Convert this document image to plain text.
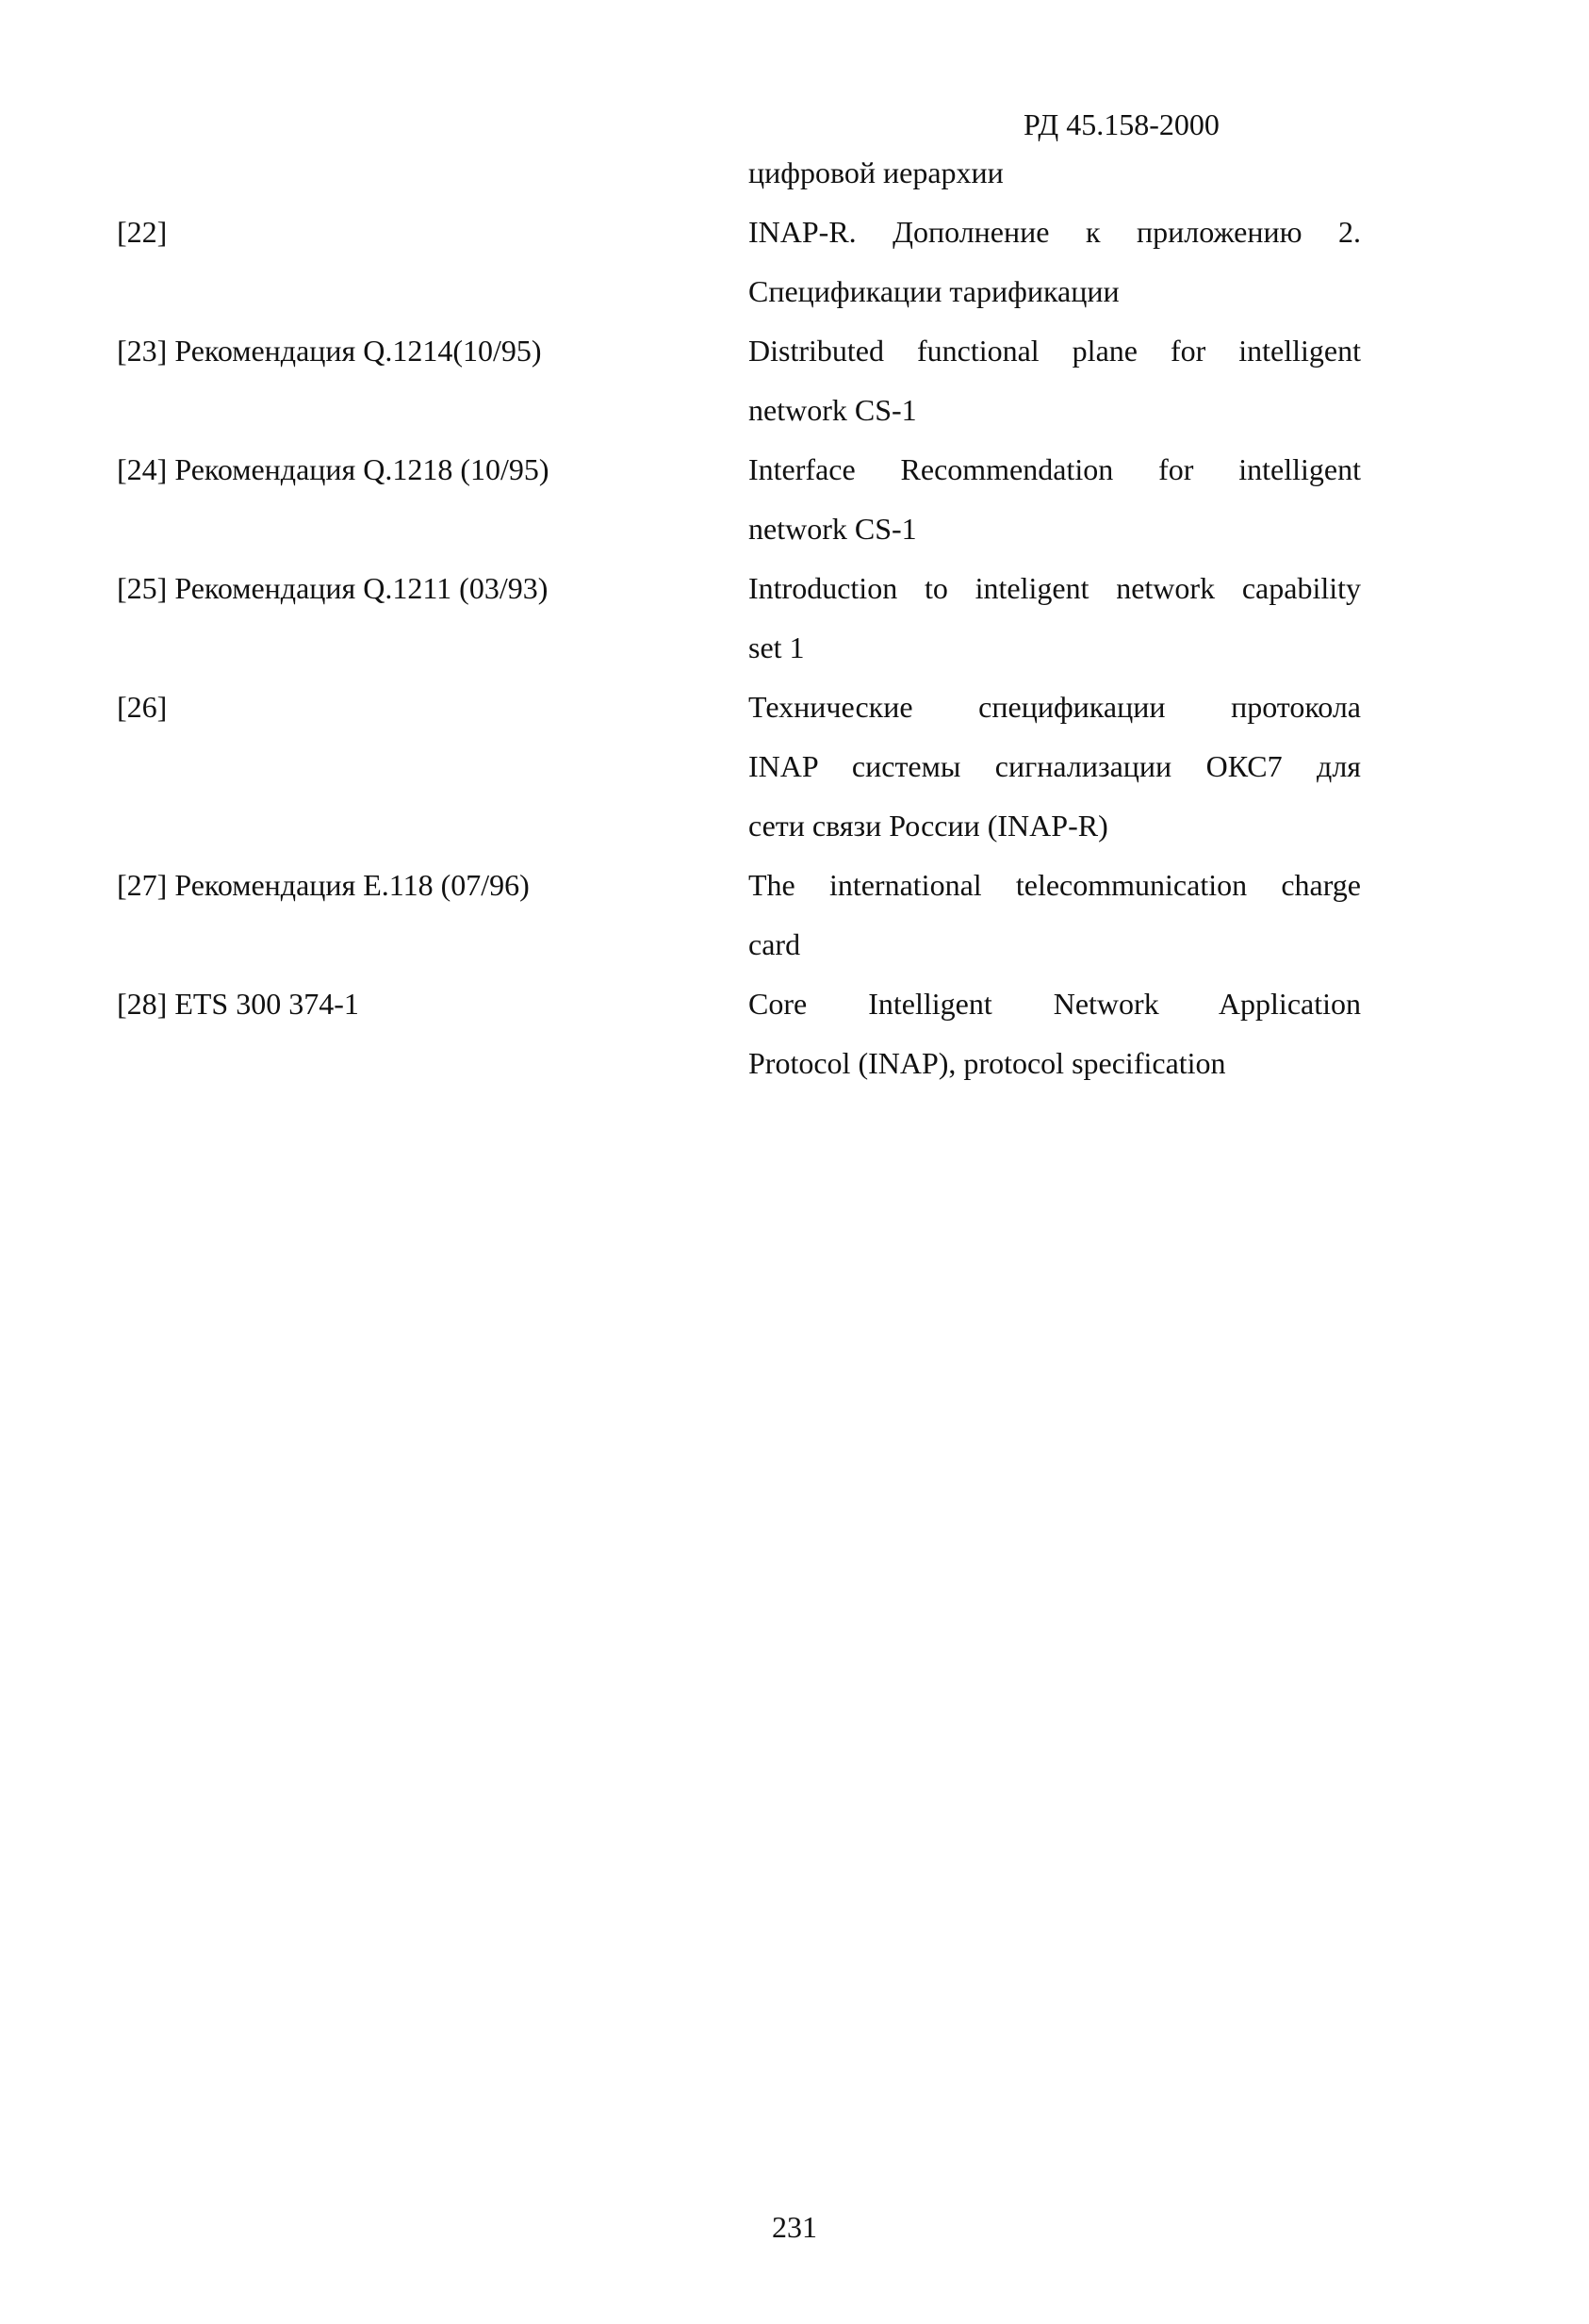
РД 45.158-2000
цифровой иерархии
[22]	INAP-R. Дополнение к приложению 2.
Спецификации тарификации
[23] Рекомендация Q.1214(10/95)	Distributed functional plane for intelligent
network CS-1
[24] Рекомендация Q.1218 (10/95)	Interface Recommendation for intelligent
network CS-1
[25] Рекомендация Q.1211 (03/93)	Introduction to inteligent network capability
set 1
[26]	Технические спецификации протокола
INAP системы сигнализации ОКС7 для
сети связи России (INAP-R)
[27] Рекомендация Е.118 (07/96)	The international telecommunication charge
card
[28] ETS 300 374-1	Core Intelligent Network Application
Protocol (INAP), protocol specification
231
